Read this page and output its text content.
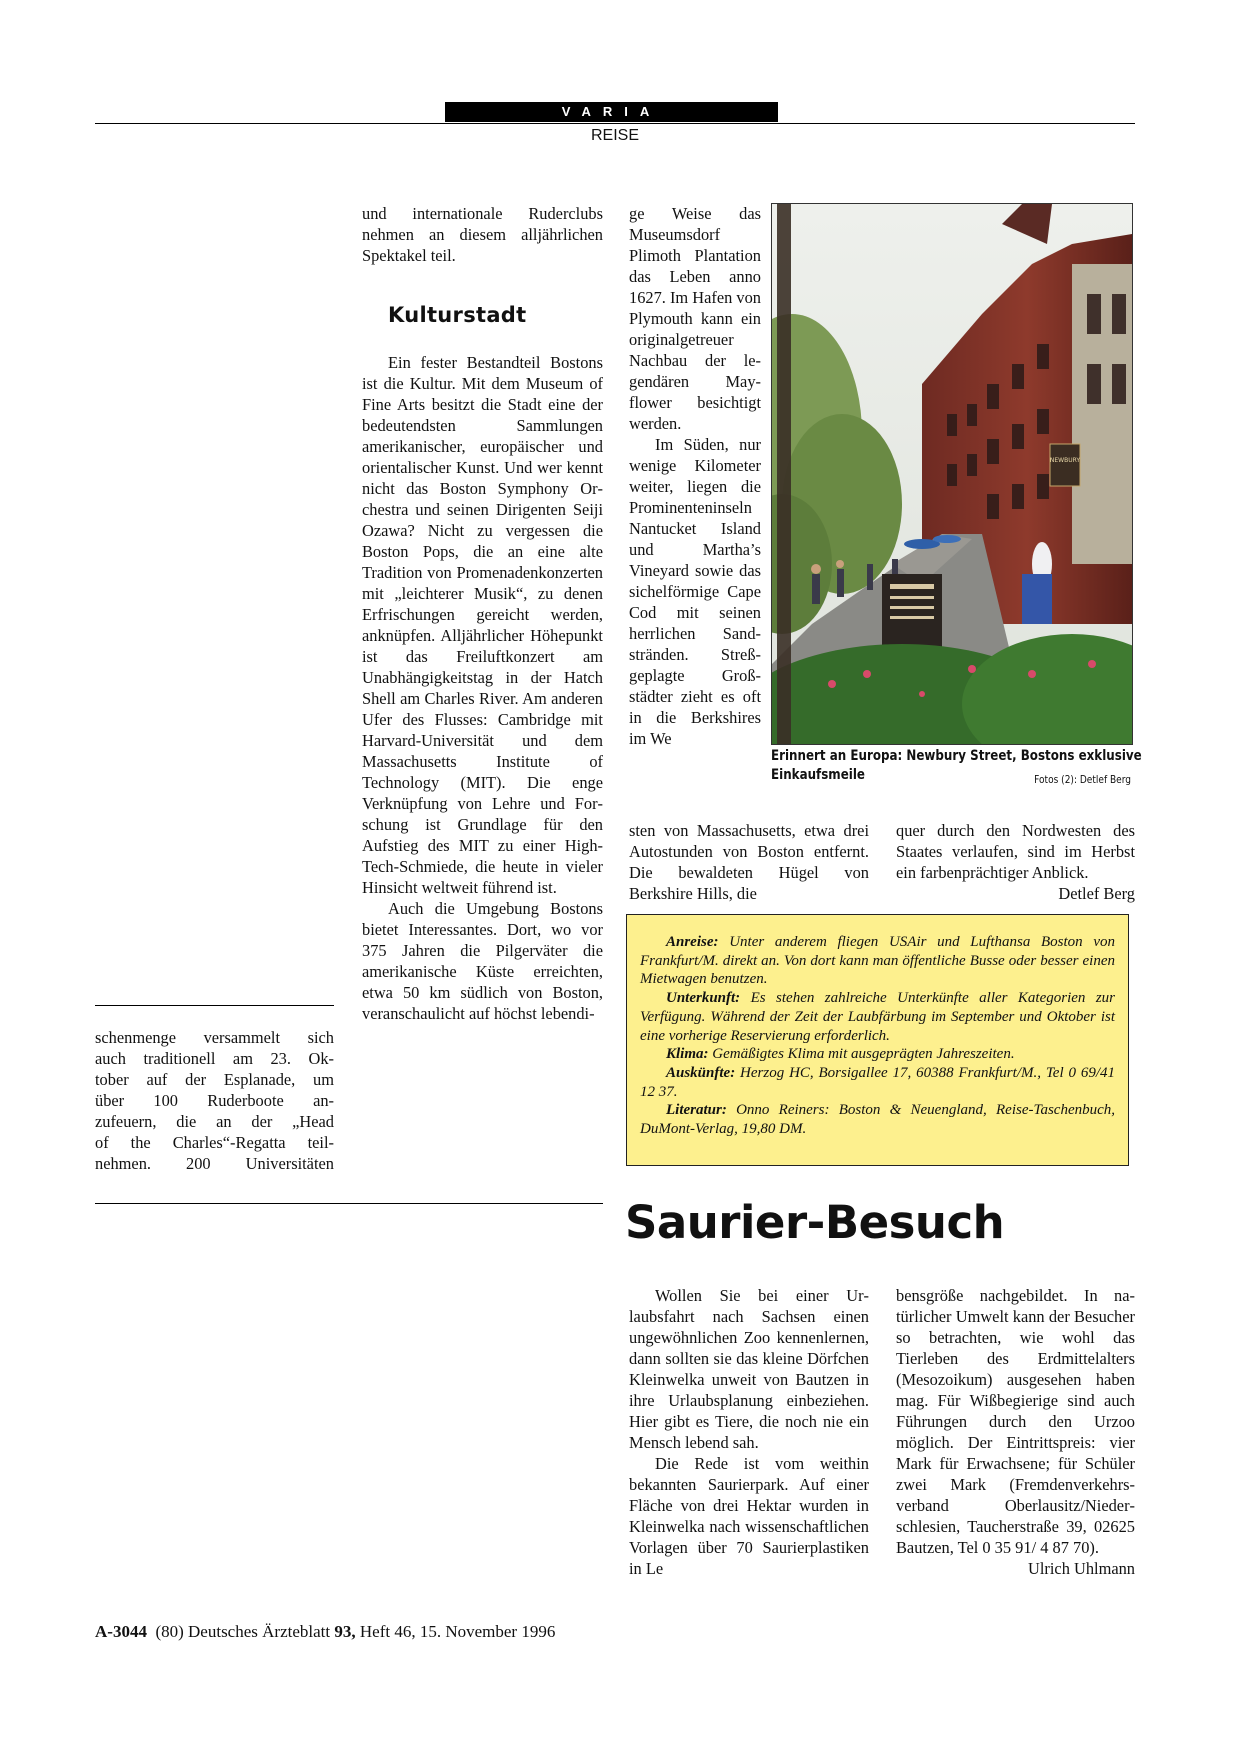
VARIA
REISE
schenmenge versammelt sich
auch traditionell am 23. Ok-
tober auf der Esplanade, um
über 100 Ruderboote an-
zufeuern, die an der „Head
of the Charles“-Regatta teil-
nehmen. 200 Universitäten

und internationale Ruderclubs nehmen an diesem alljährlichen Spektakel teil.

Kulturstadt

Ein fester Bestandteil Bostons ist die Kultur. Mit dem Museum of Fine Arts besitzt die Stadt eine der bedeutendsten Sammlungen amerikanischer, europäischer und orientalischer Kunst. Und wer kennt nicht das Boston Symphony Orchestra und seinen Dirigenten Seiji Ozawa? Nicht zu vergessen die Boston Pops, die an eine alte Tradition von Promenadenkonzerten mit „leichterer Musik“, zu denen Erfrischungen gereicht werden, anknüpfen. Alljährlicher Höhepunkt ist das Freiluftkonzert am Unabhängigkeitstag in der Hatch Shell am Charles River. Am anderen Ufer des Flusses: Cambridge mit Harvard-Universität und dem Massachusetts Institute of Technology (MIT). Die enge Verknüpfung von Lehre und Forschung ist Grundlage für den Aufstieg des MIT zu einer High-Tech-Schmiede, die heute in vieler Hinsicht weltweit führend ist.

Auch die Umgebung Bostons bietet Interessantes. Dort, wo vor 375 Jahren die Pilgerväter die amerikanische Küste erreichten, etwa 50 km südlich von Boston, veranschaulicht auf höchst lebendi-

ge Weise das Museumsdorf Plimoth Plantation das Leben anno 1627. Im Hafen von Plymouth kann ein originalgetreuer Nachbau der legendären Mayflower besichtigt werden.

Im Süden, nur wenige Kilometer weiter, liegen die Prominenteninseln Nantucket Island und Martha’s Vineyard sowie das sichelförmige Cape Cod mit seinen herrlichen Sandstränden. Streßgeplagte Großstädter zieht es oft in die Berkshires im We

sten von Massachusetts, etwa drei Autostunden von Boston entfernt. Die bewaldeten Hügel von Berkshire Hills, die

quer durch den Nordwesten des Staates verlaufen, sind im Herbst ein farbenprächtiger Anblick.
Detlef Berg

NEWBURY
Erinnert an Europa: Newbury Street, Bostons exklusive
Einkaufsmeile	Fotos (2): Detlef Berg

Anreise: Unter anderem fliegen USAir und Lufthansa Boston von Frankfurt/M. direkt an. Von dort kann man öffentliche Busse oder besser einen Mietwagen benutzen.

Unterkunft: Es stehen zahlreiche Unterkünfte aller Kategorien zur Verfügung. Während der Zeit der Laubfärbung im September und Oktober ist eine vorherige Reservierung erforderlich.

Klima: Gemäßigtes Klima mit ausgeprägten Jahreszeiten.

Auskünfte: Herzog HC, Borsigallee 17, 60388 Frankfurt/M., Tel 0 69/41 12 37.

Literatur: Onno Reiners: Boston & Neuengland, Reise-Taschenbuch, DuMont-Verlag, 19,80 DM.

Saurier-Besuch

Wollen Sie bei einer Urlaubsfahrt nach Sachsen einen ungewöhnlichen Zoo kennenlernen, dann sollten sie das kleine Dörfchen Kleinwelka unweit von Bautzen in ihre Urlaubsplanung einbeziehen. Hier gibt es Tiere, die noch nie ein Mensch lebend sah.

Die Rede ist vom weithin bekannten Saurierpark. Auf einer Fläche von drei Hektar wurden in Kleinwelka nach wissenschaftlichen Vorlagen über 70 Saurierplastiken in Le

bensgröße nachgebildet. In natürlicher Umwelt kann der Besucher so betrachten, wie wohl das Tierleben des Erdmittelalters (Mesozoikum) ausgesehen haben mag. Für Wißbegierige sind auch Führungen durch den Urzoo möglich. Der Eintrittspreis: vier Mark für Erwachsene; für Schüler zwei Mark (Fremdenverkehrsverband Oberlausitz/Niederschlesien, Taucherstraße 39, 02625 Bautzen, Tel 0 35 91/ 4 87 70).
Ulrich Uhlmann

A-3044 (80) Deutsches Ärzteblatt 93, Heft 46, 15. November 1996
